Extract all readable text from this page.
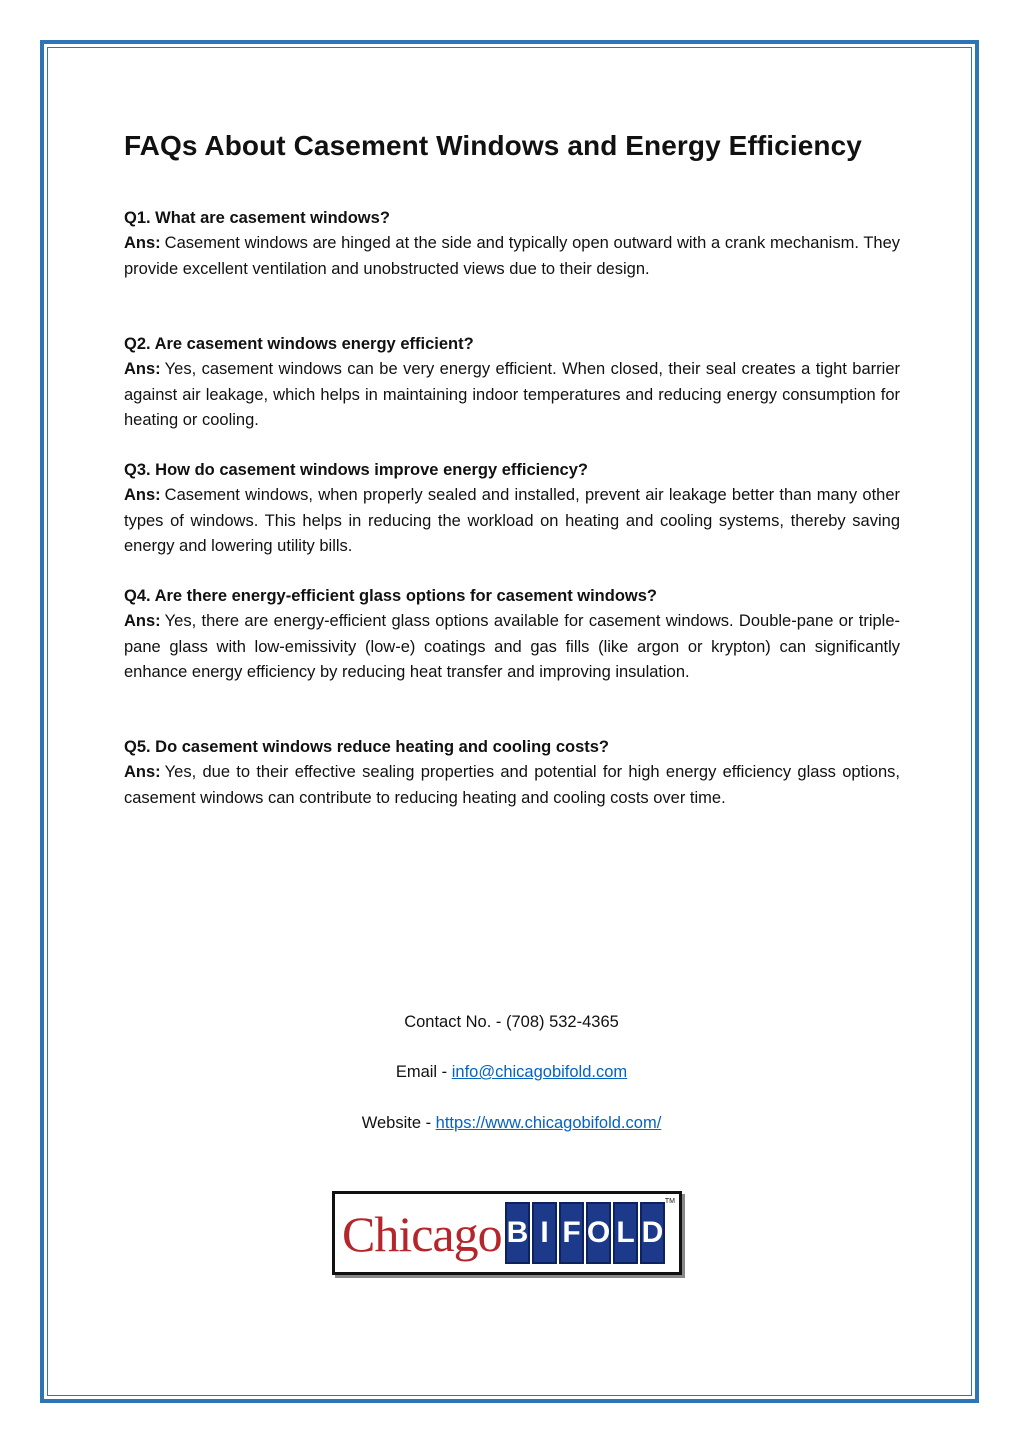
FAQs About Casement Windows and Energy Efficiency
Q1. What are casement windows?
Ans: Casement windows are hinged at the side and typically open outward with a crank mechanism. They provide excellent ventilation and unobstructed views due to their design.
Q2. Are casement windows energy efficient?
Ans: Yes, casement windows can be very energy efficient. When closed, their seal creates a tight barrier against air leakage, which helps in maintaining indoor temperatures and reducing energy consumption for heating or cooling.
Q3. How do casement windows improve energy efficiency?
Ans: Casement windows, when properly sealed and installed, prevent air leakage better than many other types of windows. This helps in reducing the workload on heating and cooling systems, thereby saving energy and lowering utility bills.
Q4. Are there energy-efficient glass options for casement windows?
Ans: Yes, there are energy-efficient glass options available for casement windows. Double-pane or triple-pane glass with low-emissivity (low-e) coatings and gas fills (like argon or krypton) can significantly enhance energy efficiency by reducing heat transfer and improving insulation.
Q5. Do casement windows reduce heating and cooling costs?
Ans: Yes, due to their effective sealing properties and potential for high energy efficiency glass options, casement windows can contribute to reducing heating and cooling costs over time.
Contact No. - (708) 532-4365
Email - info@chicagobifold.com
Website - https://www.chicagobifold.com/
Chicago B I F O L D
TM
